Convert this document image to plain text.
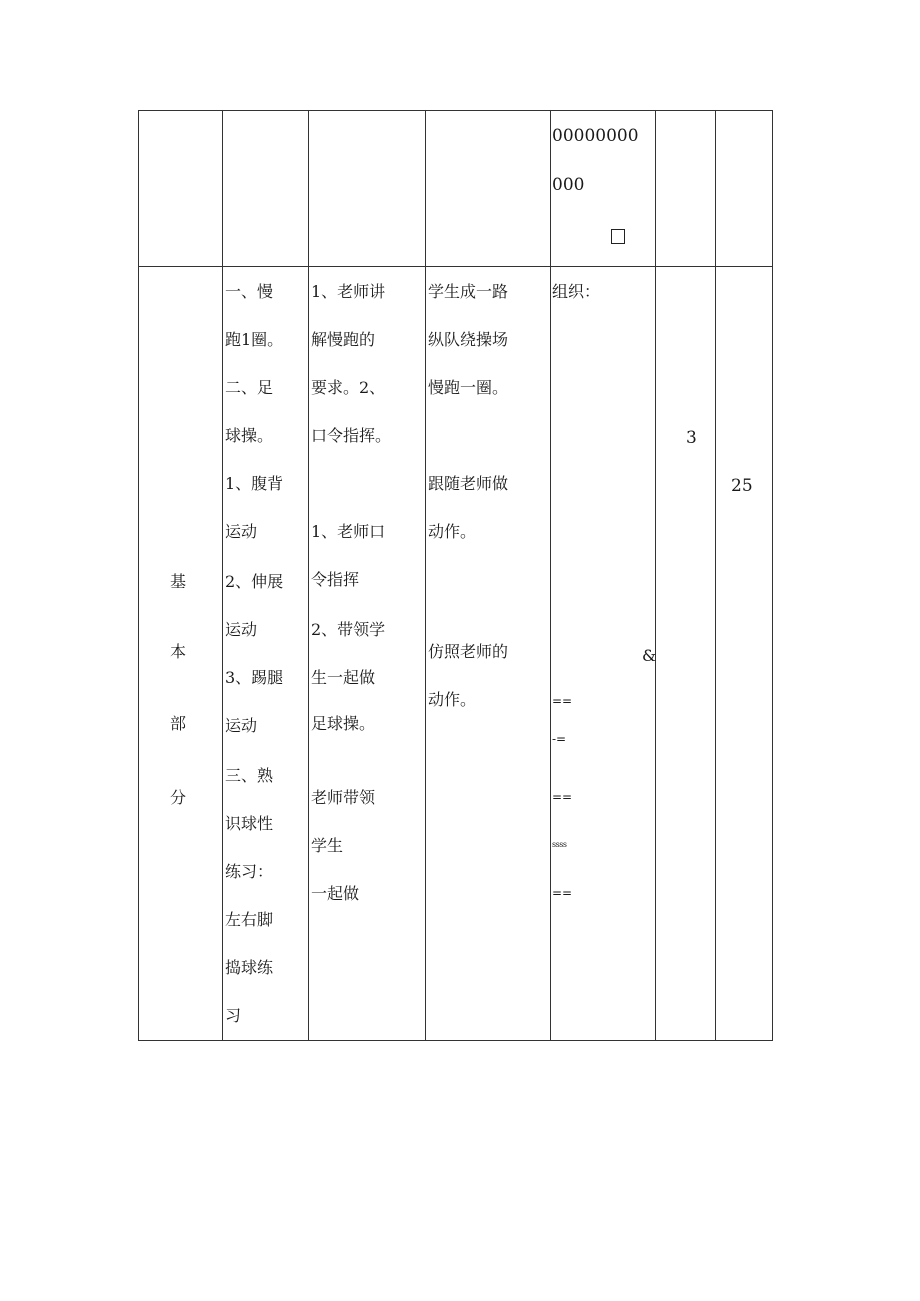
00000000
000
基
本
部
分
一、慢
跑1圈。
二、足
球操。
1、腹背
运动
2、伸展
运动
3、踢腿
运动
三、熟
识球性
练习：
左右脚
捣球练
习
1、老师讲
解慢跑的
要求。2、
口令指挥。
1、老师口
令指挥
2、带领学
生一起做
足球操。
老师带领
学生
一起做
学生成一路
纵队绕操场
慢跑一圈。
跟随老师做
动作。
仿照老师的
动作。
组织：
&
==
-=
==
ssss
==
3
25
